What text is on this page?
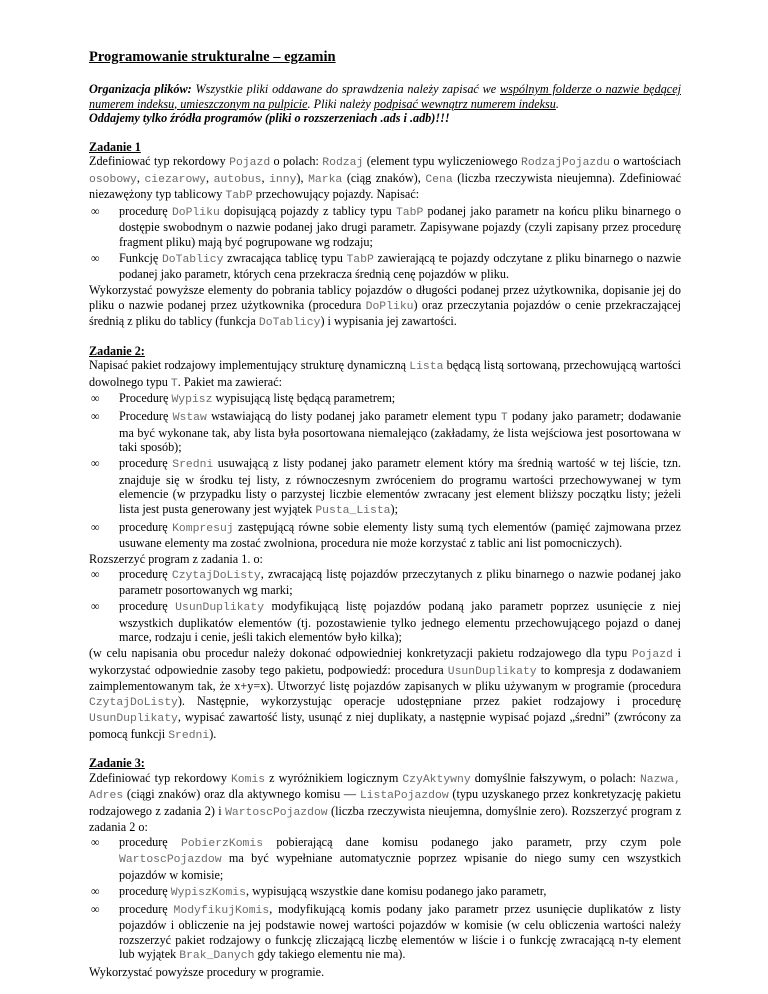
Programowanie strukturalne – egzamin

Organizacja plików: Wszystkie pliki oddawane do sprawdzenia należy zapisać we wspólnym folderze o nazwie będącej numerem indeksu, umieszczonym na pulpicie. Pliki należy podpisać wewnątrz numerem indeksu.

Oddajemy tylko źródła programów (pliki o rozszerzeniach .ads i .adb)!!!

Zadanie 1

Zdefiniować typ rekordowy Pojazd o polach: Rodzaj (element typu wyliczeniowego RodzajPojazdu o wartościach osobowy, ciezarowy, autobus, inny), Marka (ciąg znaków), Cena (liczba rzeczywista nieujemna). Zdefiniować niezawężony typ tablicowy TabP przechowujący pojazdy. Napisać:

∞ procedurę DoPliku dopisującą pojazdy z tablicy typu TabP podanej jako parametr na końcu pliku binarnego o dostępie swobodnym o nazwie podanej jako drugi parametr. Zapisywane pojazdy (czyli zapisany przez procedurę fragment pliku) mają być pogrupowane wg rodzaju;
∞ Funkcję DoTablicy zwracająca tablicę typu TabP zawierającą te pojazdy odczytane z pliku binarnego o nazwie podanej jako parametr, których cena przekracza średnią cenę pojazdów w pliku.

Wykorzystać powyższe elementy do pobrania tablicy pojazdów o długości podanej przez użytkownika, dopisanie jej do pliku o nazwie podanej przez użytkownika (procedura DoPliku) oraz przeczytania pojazdów o cenie przekraczającej średnią z pliku do tablicy (funkcja DoTablicy) i wypisania jej zawartości.

Zadanie 2:

Napisać pakiet rodzajowy implementujący strukturę dynamiczną Lista będącą listą sortowaną, przechowującą wartości dowolnego typu T. Pakiet ma zawierać:

∞ Procedurę Wypisz wypisującą listę będącą parametrem;
∞ Procedurę Wstaw wstawiającą do listy podanej jako parametr element typu T podany jako parametr; dodawanie ma być wykonane tak, aby lista była posortowana niemalejąco (zakładamy, że lista wejściowa jest posortowana w taki sposób);
∞ procedurę Sredni usuwającą z listy podanej jako parametr element który ma średnią wartość w tej liście, tzn. znajduje się w środku tej listy, z równoczesnym zwróceniem do programu wartości przechowywanej w tym elemencie (w przypadku listy o parzystej liczbie elementów zwracany jest element bliższy początku listy; jeżeli lista jest pusta generowany jest wyjątek Pusta_Lista);
∞ procedurę Kompresuj zastępującą równe sobie elementy listy sumą tych elementów (pamięć zajmowana przez usuwane elementy ma zostać zwolniona, procedura nie może korzystać z tablic ani list pomocniczych).

Rozszerzyć program z zadania 1. o:

∞ procedurę CzytajDoListy, zwracającą listę pojazdów przeczytanych z pliku binarnego o nazwie podanej jako parametr posortowanych wg marki;
∞ procedurę UsunDuplikaty modyfikującą listę pojazdów podaną jako parametr poprzez usunięcie z niej wszystkich duplikatów elementów (tj. pozostawienie tylko jednego elementu przechowującego pojazd o danej marce, rodzaju i cenie, jeśli takich elementów było kilka);

(w celu napisania obu procedur należy dokonać odpowiedniej konkretyzacji pakietu rodzajowego dla typu Pojazd i wykorzystać odpowiednie zasoby tego pakietu, podpowiedź: procedura UsunDuplikaty to kompresja z dodawaniem zaimplementowanym tak, że x+y=x). Utworzyć listę pojazdów zapisanych w pliku używanym w programie (procedura CzytajDoListy). Następnie, wykorzystując operacje udostępniane przez pakiet rodzajowy i procedurę UsunDuplikaty, wypisać zawartość listy, usunąć z niej duplikaty, a następnie wypisać pojazd „średni” (zwrócony za pomocą funkcji Sredni).

Zadanie 3:

Zdefiniować typ rekordowy Komis z wyróżnikiem logicznym CzyAktywny domyślnie fałszywym, o polach: Nazwa, Adres (ciągi znaków) oraz dla aktywnego komisu — ListaPojazdow (typu uzyskanego przez konkretyzację pakietu rodzajowego z zadania 2) i WartoscPojazdow (liczba rzeczywista nieujemna, domyślnie zero). Rozszerzyć program z zadania 2 o:

∞ procedurę PobierzKomis pobierającą dane komisu podanego jako parametr, przy czym pole WartoscPojazdow ma być wypełniane automatycznie poprzez wpisanie do niego sumy cen wszystkich pojazdów w komisie;
∞ procedurę WypiszKomis, wypisującą wszystkie dane komisu podanego jako parametr,
∞ procedurę ModyfikujKomis, modyfikującą komis podany jako parametr przez usunięcie duplikatów z listy pojazdów i obliczenie na jej podstawie nowej wartości pojazdów w komisie (w celu obliczenia wartości należy rozszerzyć pakiet rodzajowy o funkcję zliczającą liczbę elementów w liście i o funkcję zwracającą n-ty element lub wyjątek Brak_Danych gdy takiego elementu nie ma).

Wykorzystać powyższe procedury w programie.
